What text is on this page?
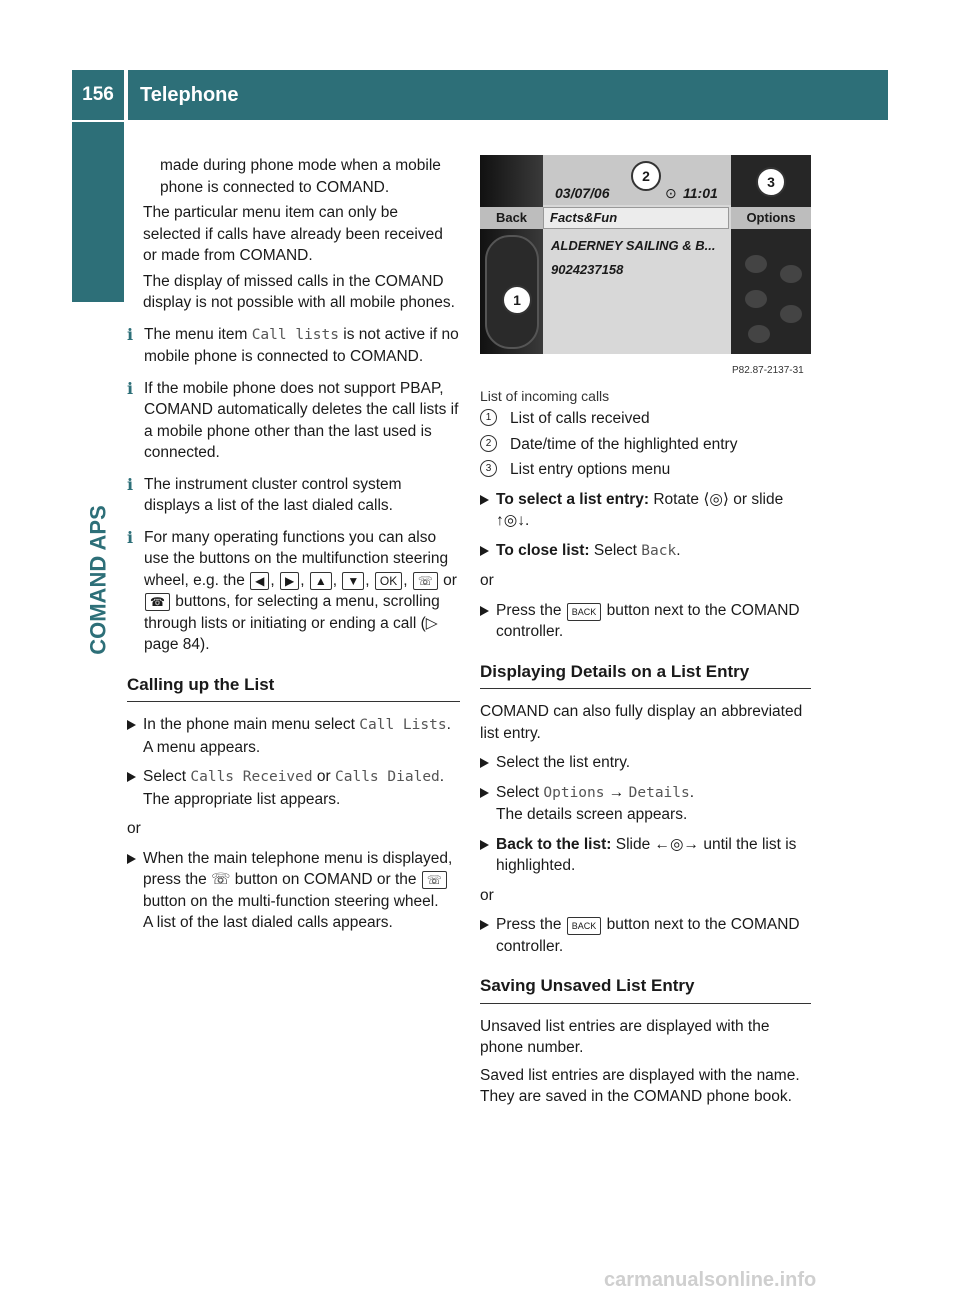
156	Telephone
COMAND APS

made during phone mode when a mobile phone is connected to COMAND.

The particular menu item can only be selected if calls have already been received or made from COMAND.

The display of missed calls in the COMAND display is not possible with all mobile phones.

i The menu item Call lists is not active if no mobile phone is connected to COMAND.
i If the mobile phone does not support PBAP, COMAND automatically deletes the call lists if a mobile phone other than the last used is connected.
i The instrument cluster control system displays a list of the last dialed calls.
i For many operating functions you can also use the buttons on the multifunction steering wheel, e.g. the ◀ , ▶ , ▲ , ▼ , OK , ☏ or ☎ buttons, for selecting a menu, scrolling through lists or initiating or ending a call (▷ page 84).
Calling up the List
In the phone main menu select Call Lists.
A menu appears.
Select Calls Received or Calls Dialed.
The appropriate list appears.

or

When the main telephone menu is displayed, press the ☏ button on COMAND or the ☏ button on the multi-function steering wheel.
A list of the last dialed calls appears.
03/07/06	⊙ 11:01
Facts&Fun
ALDERNEY SAILING & B...
9024237158
Back	Options
1
2	3
P82.87-2137-31
List of incoming calls
1	List of calls received
2	Date/time of the highlighted entry
3	List entry options menu
To select a list entry: Rotate ⟨◎⟩ or slide ↑◎↓.
To close list: Select Back.

or

Press the BACK button next to the COMAND controller.
Displaying Details on a List Entry

COMAND can also fully display an abbreviated list entry.

Select the list entry.
Select Options → Details.
The details screen appears.
Back to the list: Slide ←◎→ until the list is highlighted.

or

Press the BACK button next to the COMAND controller.
Saving Unsaved List Entry

Unsaved list entries are displayed with the phone number.

Saved list entries are displayed with the name. They are saved in the COMAND phone book.

carmanualsonline.info
